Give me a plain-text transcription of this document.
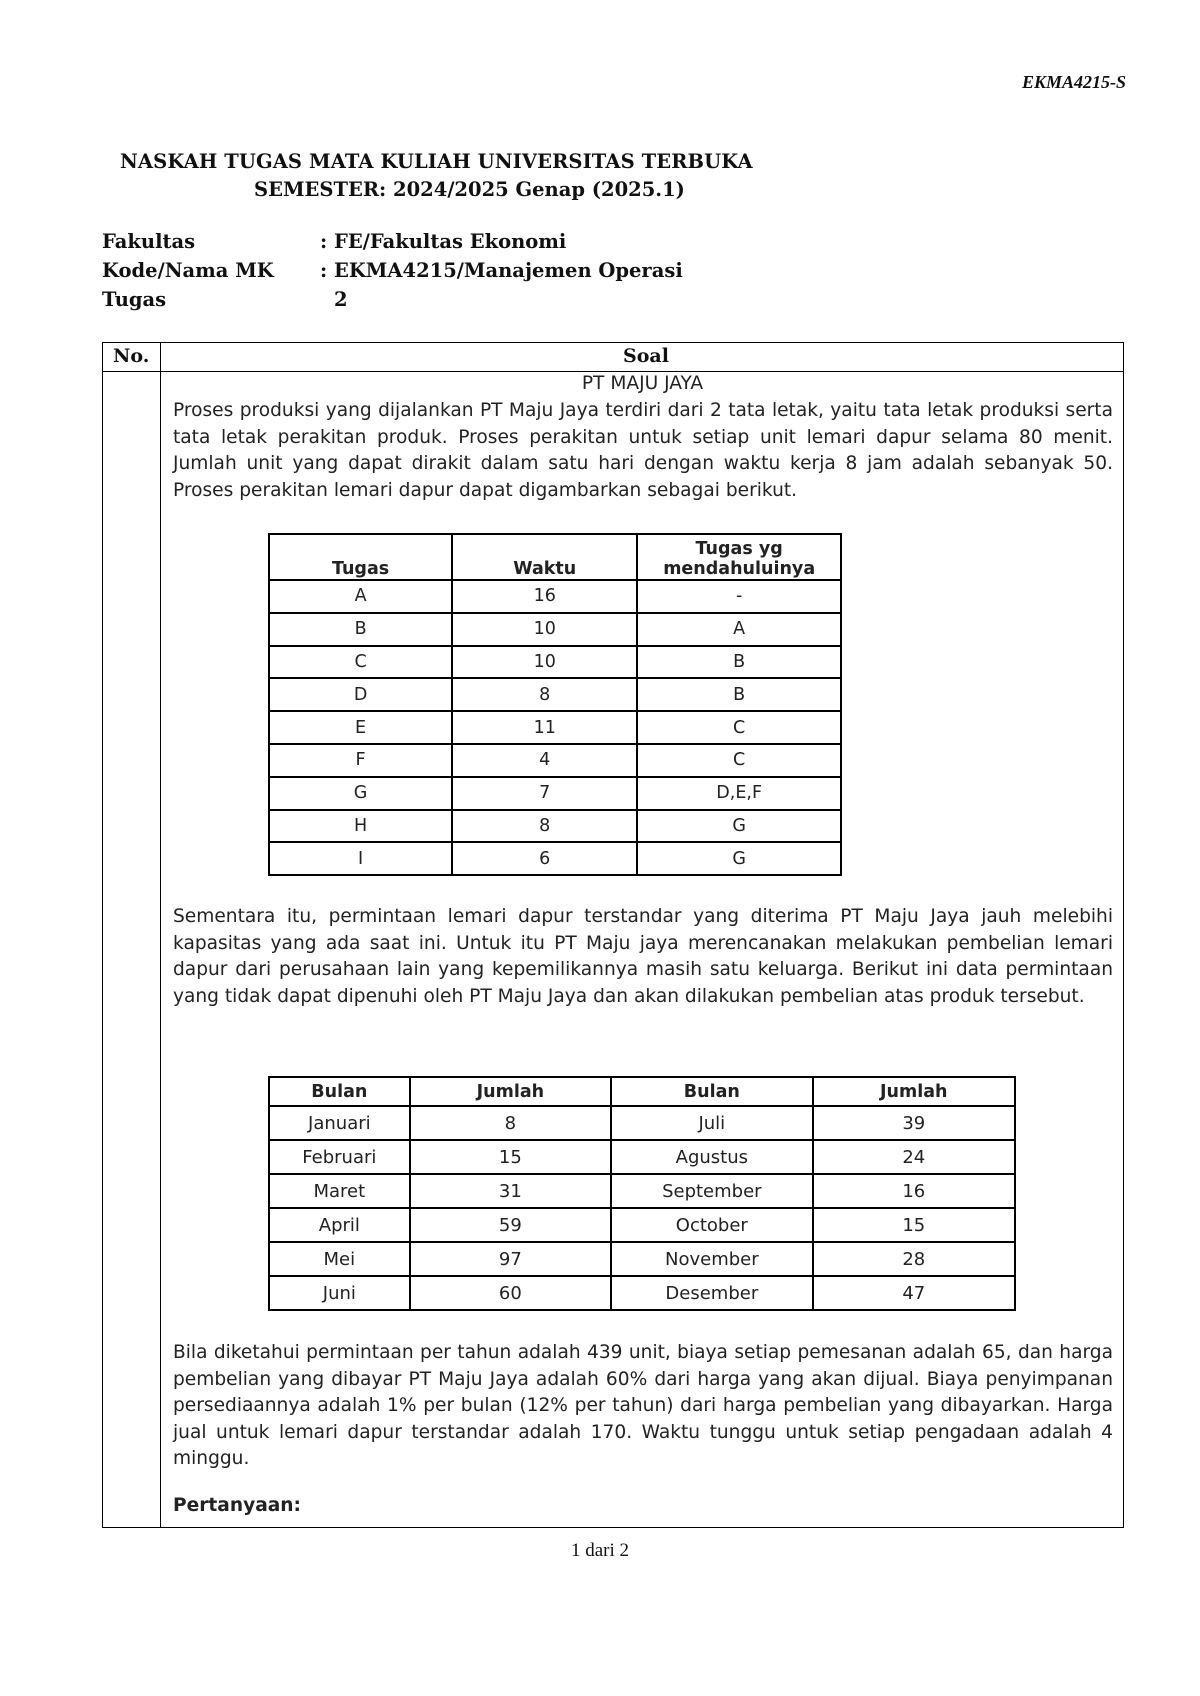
EKMA4215-S
NASKAH TUGAS MATA KULIAH UNIVERSITAS TERBUKA
SEMESTER: 2024/2025 Genap (2025.1)
Fakultas	: FE/Fakultas Ekonomi
Kode/Nama MK : EKMA4215/Manajemen Operasi
Tugas	2
No.	Soal
PT MAJU JAYA
Proses produksi yang dijalankan PT Maju Jaya terdiri dari 2 tata letak, yaitu tata letak produksi serta tata letak perakitan produk. Proses perakitan untuk setiap unit lemari dapur selama 80 menit. Jumlah unit yang dapat dirakit dalam satu hari dengan waktu kerja 8 jam adalah sebanyak 50. Proses perakitan lemari dapur dapat digambarkan sebagai berikut.
Tugas	Waktu	Tugas yg mendahuluinya
A	16	-
B	10	A
C	10	B
D	8	B
E	11	C
F	4	C
G	7	D,E,F
H	8	G
I	6	G
Sementara itu, permintaan lemari dapur terstandar yang diterima PT Maju Jaya jauh melebihi kapasitas yang ada saat ini. Untuk itu PT Maju jaya merencanakan melakukan pembelian lemari dapur dari perusahaan lain yang kepemilikannya masih satu keluarga. Berikut ini data permintaan yang tidak dapat dipenuhi oleh PT Maju Jaya dan akan dilakukan pembelian atas produk tersebut.
Bulan	Jumlah	Bulan	Jumlah
Januari	8	Juli	39
Februari	15	Agustus	24
Maret	31	September	16
April	59	October	15
Mei	97	November	28
Juni	60	Desember	47
Bila diketahui permintaan per tahun adalah 439 unit, biaya setiap pemesanan adalah 65, dan harga pembelian yang dibayar PT Maju Jaya adalah 60% dari harga yang akan dijual. Biaya penyimpanan persediaannya adalah 1% per bulan (12% per tahun) dari harga pembelian yang dibayarkan. Harga jual untuk lemari dapur terstandar adalah 170. Waktu tunggu untuk setiap pengadaan adalah 4 minggu.
Pertanyaan:
1 dari 2
